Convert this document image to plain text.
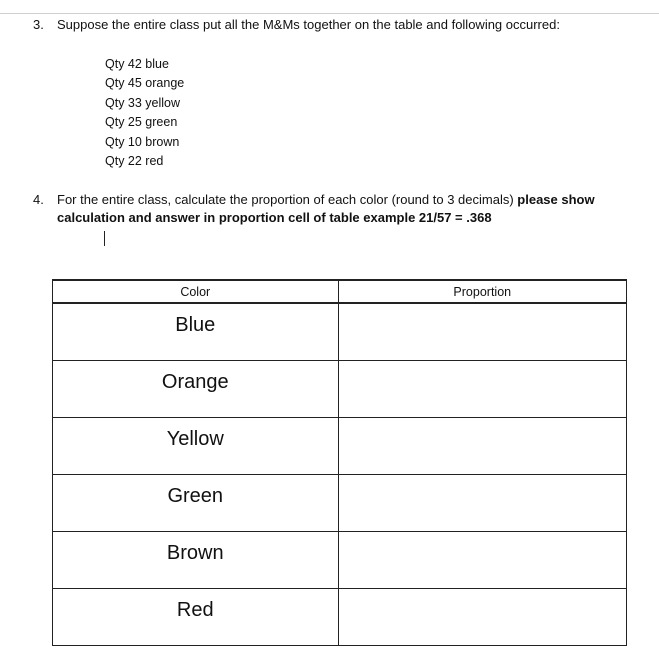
3. Suppose the entire class put all the M&Ms together on the table and following occurred:
Qty 42 blue
Qty 45 orange
Qty 33 yellow
Qty 25 green
Qty 10 brown
Qty 22 red
4. For the entire class, calculate the proportion of each color (round to 3 decimals) please show
calculation and answer in proportion cell of table example 21/57 = .368
Color	Proportion
Blue	
Orange	
Yellow	
Green	
Brown	
Red	
